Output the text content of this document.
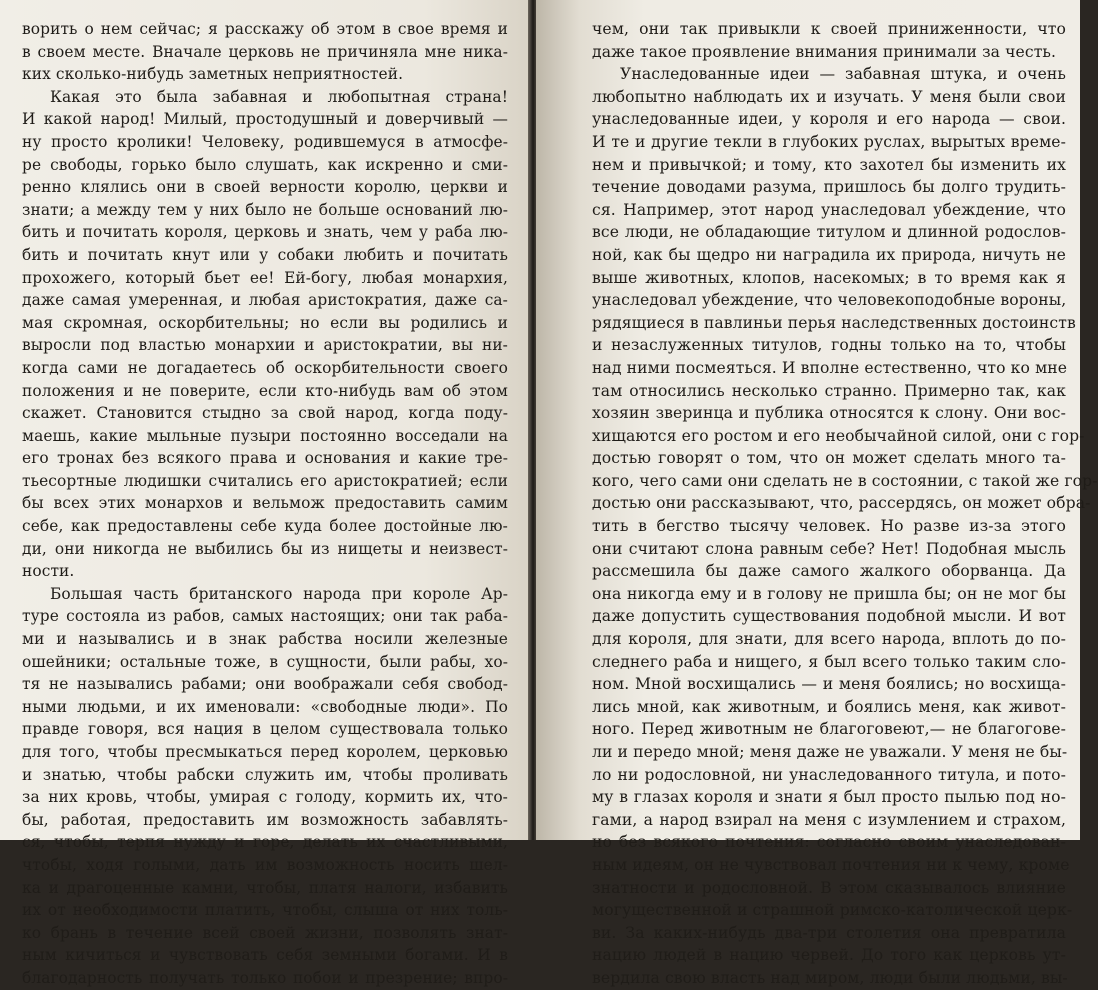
ворить о нем сейчас; я расскажу об этом в свое время и
в своем месте. Вначале церковь не причиняла мне ника-
ких сколько-нибудь заметных неприятностей.
Какая это была забавная и любопытная страна!
И какой народ! Милый, простодушный и доверчивый —
ну просто кролики! Человеку, родившемуся в атмосфе-
ре свободы, горько было слушать, как искренно и сми-
ренно клялись они в своей верности королю, церкви и
знати; а между тем у них было не больше оснований лю-
бить и почитать короля, церковь и знать, чем у раба лю-
бить и почитать кнут или у собаки любить и почитать
прохожего, который бьет ее! Ей-богу, любая монархия,
даже самая умеренная, и любая аристократия, даже са-
мая скромная, оскорбительны; но если вы родились и
выросли под властью монархии и аристократии, вы ни-
когда сами не догадаетесь об оскорбительности своего
положения и не поверите, если кто-нибудь вам об этом
скажет. Становится стыдно за свой народ, когда поду-
маешь, какие мыльные пузыри постоянно восседали на
его тронах без всякого права и основания и какие тре-
тьесортные людишки считались его аристократией; если
бы всех этих монархов и вельмож предоставить самим
себе, как предоставлены себе куда более достойные лю-
ди, они никогда не выбились бы из нищеты и неизвест-
ности.
Большая часть британского народа при короле Ар-
туре состояла из рабов, самых настоящих; они так раба-
ми и назывались и в знак рабства носили железные
ошейники; остальные тоже, в сущности, были рабы, хо-
тя не назывались рабами; они воображали себя свобод-
ными людьми, и их именовали: «свободные люди». По
правде говоря, вся нация в целом существовала только
для того, чтобы пресмыкаться перед королем, церковью
и знатью, чтобы рабски служить им, чтобы проливать
за них кровь, чтобы, умирая с голоду, кормить их, что-
бы, работая, предоставить им возможность забавлять-
ся, чтобы, терпя нужду и горе, делать их счастливыми,
чтобы, ходя голыми, дать им возможность носить шел-
ка и драгоценные камни, чтобы, платя налоги, избавить
их от необходимости платить, чтобы, слыша от них толь-
ко брань в течение всей своей жизни, позволять знат-
ным кичиться и чувствовать себя земными богами. И в
благодарность получать только побои и презрение; впро-
чем, они так привыкли к своей приниженности, что
даже такое проявление внимания принимали за честь.
Унаследованные идеи — забавная штука, и очень
любопытно наблюдать их и изучать. У меня были свои
унаследованные идеи, у короля и его народа — свои.
И те и другие текли в глубоких руслах, вырытых време-
нем и привычкой; и тому, кто захотел бы изменить их
течение доводами разума, пришлось бы долго трудить-
ся. Например, этот народ унаследовал убеждение, что
все люди, не обладающие титулом и длинной родослов-
ной, как бы щедро ни наградила их природа, ничуть не
выше животных, клопов, насекомых; в то время как я
унаследовал убеждение, что человекоподобные вороны,
рядящиеся в павлиньи перья наследственных достоинств
и незаслуженных титулов, годны только на то, чтобы
над ними посмеяться. И вполне естественно, что ко мне
там относились несколько странно. Примерно так, как
хозяин зверинца и публика относятся к слону. Они вос-
хищаются его ростом и его необычайной силой, они с гор-
достью говорят о том, что он может сделать много та-
кого, чего сами они сделать не в состоянии, с такой же гор-
достью они рассказывают, что, рассердясь, он может обра-
тить в бегство тысячу человек. Но разве из-за этого
они считают слона равным себе? Нет! Подобная мысль
рассмешила бы даже самого жалкого оборванца. Да
она никогда ему и в голову не пришла бы; он не мог бы
даже допустить существования подобной мысли. И вот
для короля, для знати, для всего народа, вплоть до по-
следнего раба и нищего, я был всего только таким сло-
ном. Мной восхищались — и меня боялись; но восхища-
лись мной, как животным, и боялись меня, как живот-
ного. Перед животным не благоговеют,— не благогове-
ли и передо мной; меня даже не уважали. У меня не бы-
ло ни родословной, ни унаследованного титула, и пото-
му в глазах короля и знати я был просто пылью под но-
гами, а народ взирал на меня с изумлением и страхом,
но без всякого почтения: согласно своим унаследован-
ным идеям, он не чувствовал почтения ни к чему, кроме
знатности и родословной. В этом сказывалось влияние
могущественной и страшной римско-католической церк-
ви. За каких-нибудь два-три столетия она превратила
нацию людей в нацию червей. До того как церковь ут-
вердила свою власть над миром, люди были людьми, вы-
